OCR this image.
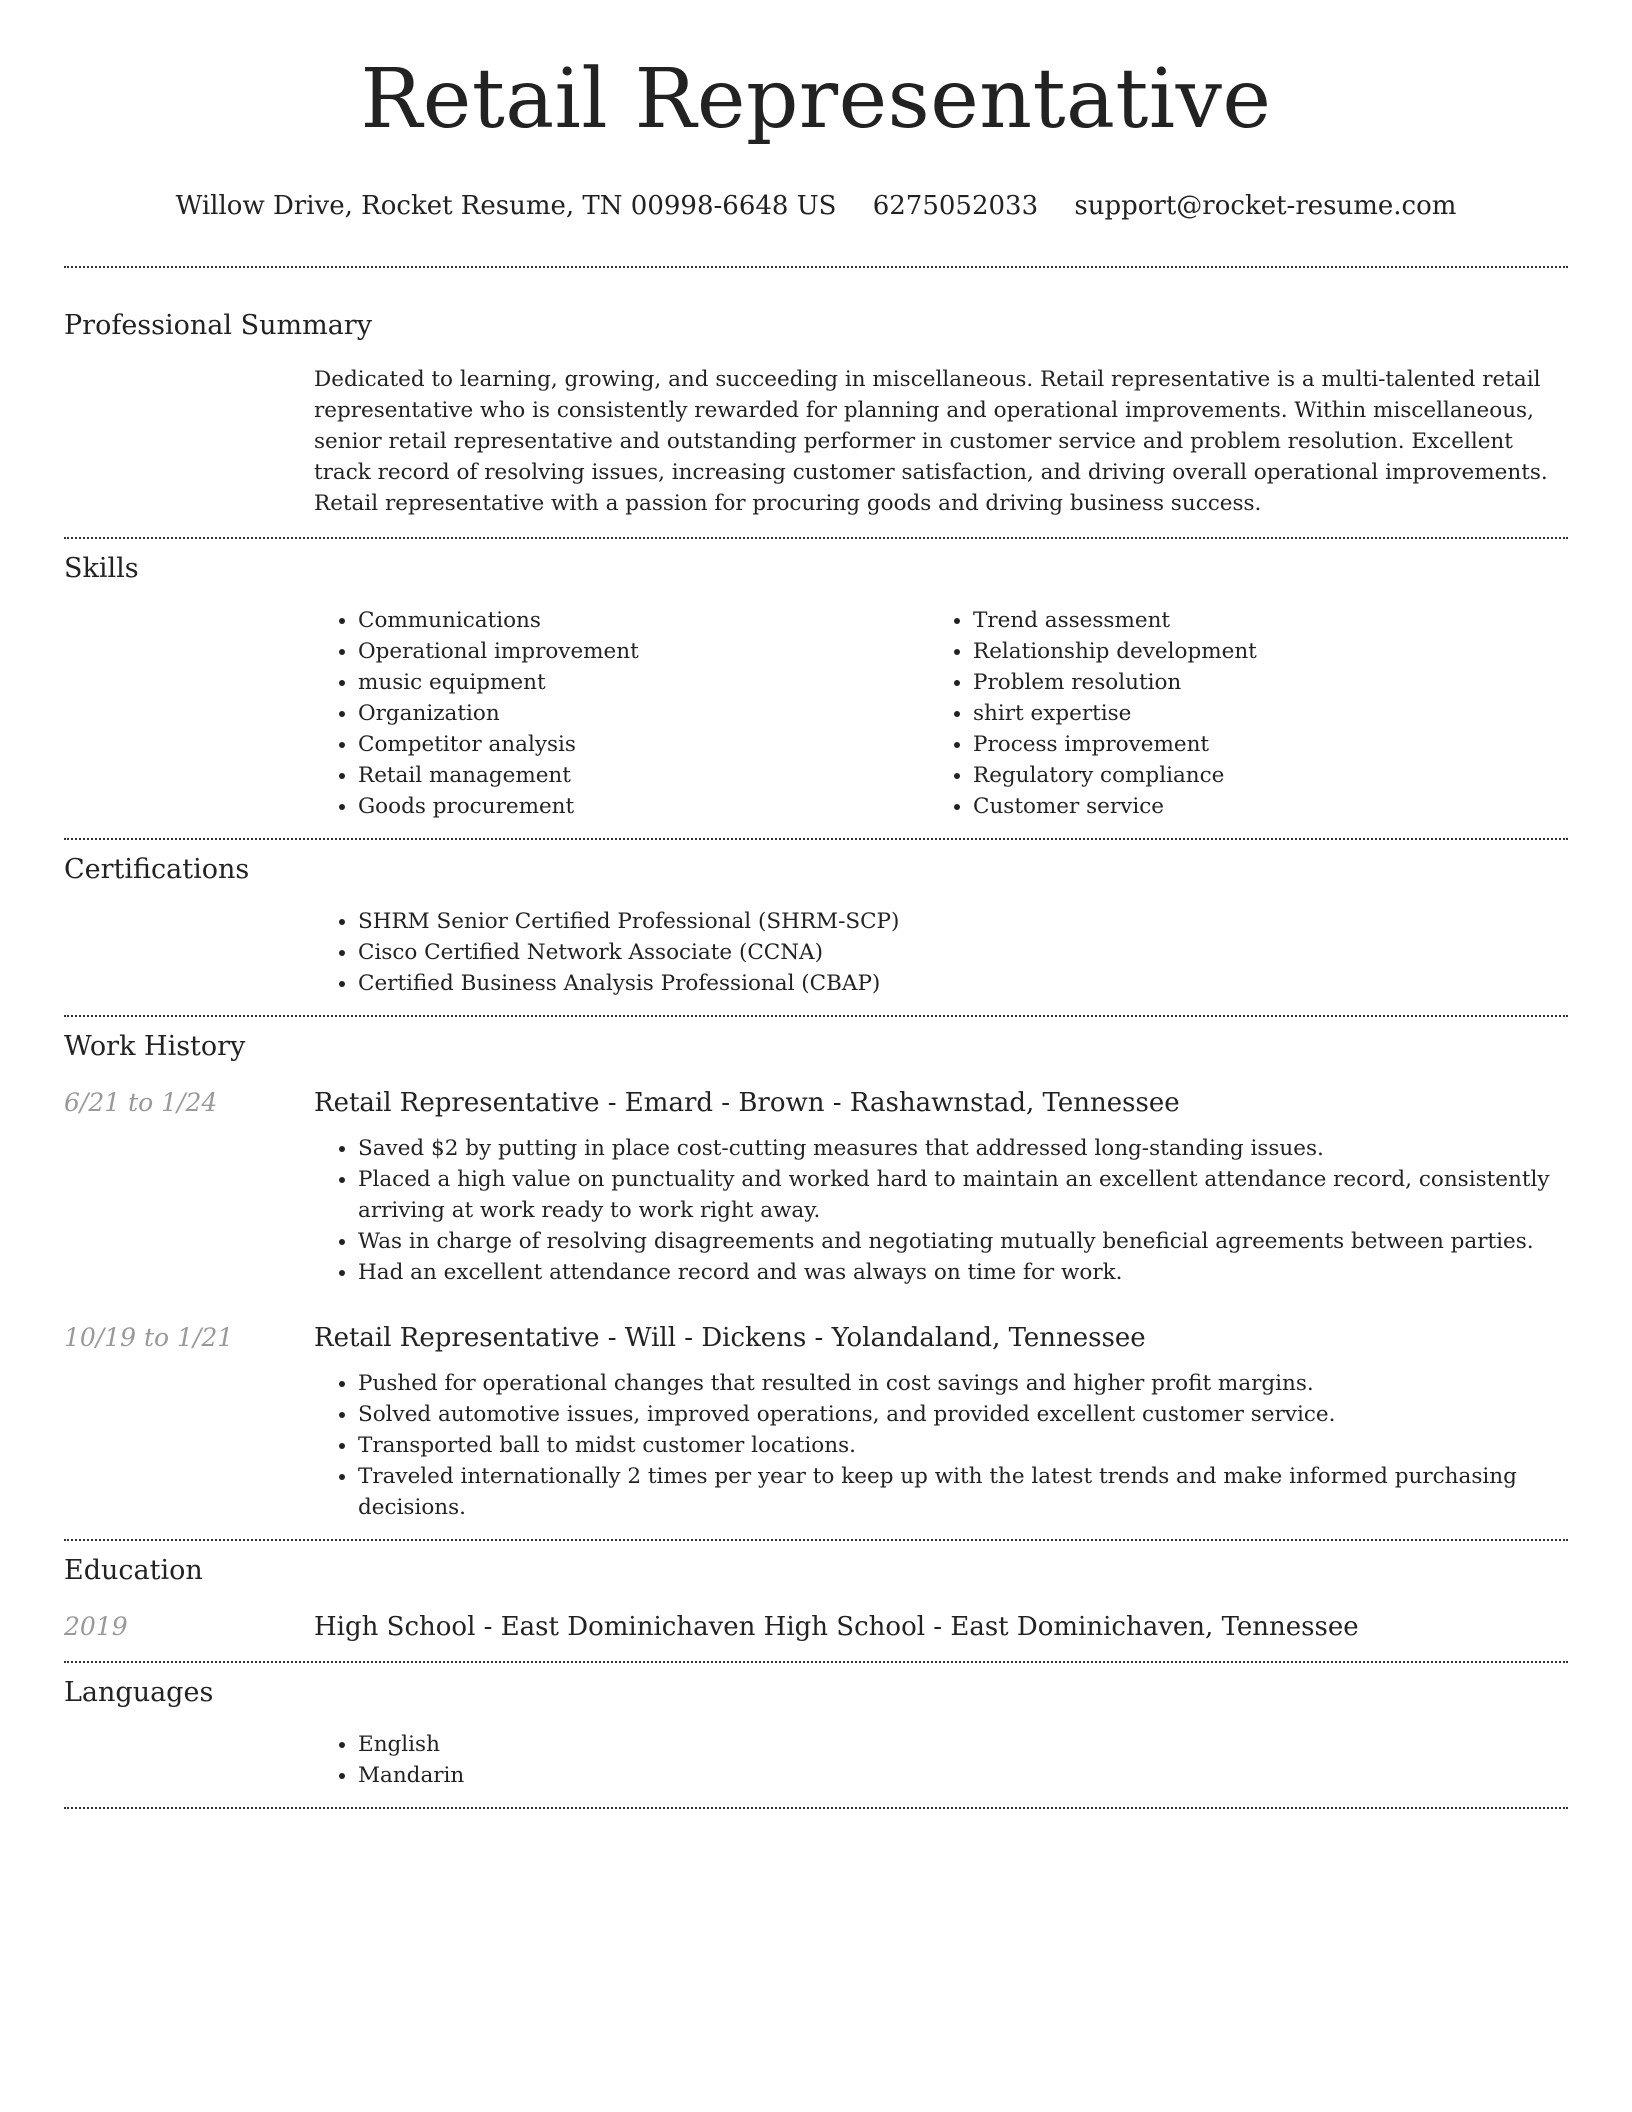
Retail Representative
Willow Drive, Rocket Resume, TN 00998-6648 US 6275052033 support@rocket-resume.com
Professional Summary

Dedicated to learning, growing, and succeeding in miscellaneous. Retail representative is a multi-talented retail representative who is consistently rewarded for planning and operational improvements. Within miscellaneous, senior retail representative and outstanding performer in customer service and problem resolution. Excellent track record of resolving issues, increasing customer satisfaction, and driving overall operational improvements. Retail representative with a passion for procuring goods and driving business success.

Skills
• Communications
• Operational improvement
• music equipment
• Organization
• Competitor analysis
• Retail management
• Goods procurement
• Trend assessment
• Relationship development
• Problem resolution
• shirt expertise
• Process improvement
• Regulatory compliance
• Customer service
Certifications
• SHRM Senior Certified Professional (SHRM-SCP)
• Cisco Certified Network Associate (CCNA)
• Certified Business Analysis Professional (CBAP)
Work History
6/21 to 1/24	Retail Representative - Emard - Brown - Rashawnstad, Tennessee
• Saved $2 by putting in place cost-cutting measures that addressed long-standing issues.
• Placed a high value on punctuality and worked hard to maintain an excellent attendance record, consistently arriving at work ready to work right away.
• Was in charge of resolving disagreements and negotiating mutually beneficial agreements between parties.
• Had an excellent attendance record and was always on time for work.
10/19 to 1/21	Retail Representative - Will - Dickens - Yolandaland, Tennessee
• Pushed for operational changes that resulted in cost savings and higher profit margins.
• Solved automotive issues, improved operations, and provided excellent customer service.
• Transported ball to midst customer locations.
• Traveled internationally 2 times per year to keep up with the latest trends and make informed purchasing decisions.
Education
2019	High School - East Dominichaven High School - East Dominichaven, Tennessee
Languages
• English
• Mandarin
